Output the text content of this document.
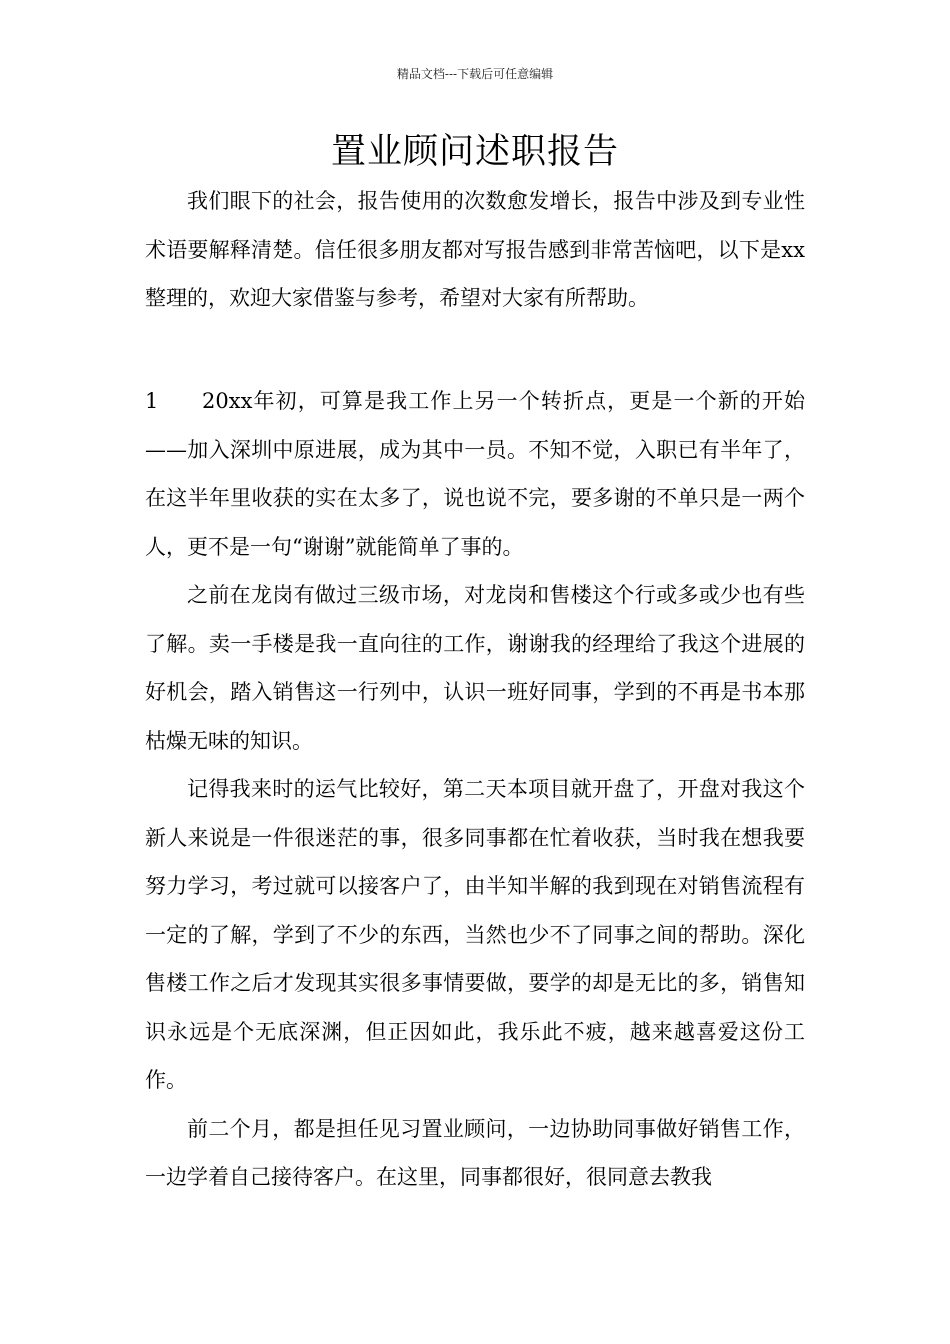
精品文档---下载后可任意编辑
置业顾问述职报告

我们眼下的社会，报告使用的次数愈发增长，报告中涉及到专业性术语要解释清楚。信任很多朋友都对写报告感到非常苦恼吧，以下是xx整理的，欢迎大家借鉴与参考，希望对大家有所帮助。

1 20xx年初，可算是我工作上另一个转折点，更是一个新的开始——加入深圳中原进展，成为其中一员。不知不觉，入职已有半年了，在这半年里收获的实在太多了，说也说不完，要多谢的不单只是一两个人，更不是一句“谢谢”就能简单了事的。

之前在龙岗有做过三级市场，对龙岗和售楼这个行或多或少也有些了解。卖一手楼是我一直向往的工作，谢谢我的经理给了我这个进展的好机会，踏入销售这一行列中，认识一班好同事，学到的不再是书本那枯燥无味的知识。

记得我来时的运气比较好，第二天本项目就开盘了，开盘对我这个新人来说是一件很迷茫的事，很多同事都在忙着收获，当时我在想我要努力学习，考过就可以接客户了，由半知半解的我到现在对销售流程有一定的了解，学到了不少的东西，当然也少不了同事之间的帮助。深化售楼工作之后才发现其实很多事情要做，要学的却是无比的多，销售知识永远是个无底深渊，但正因如此，我乐此不疲，越来越喜爱这份工作。

前二个月，都是担任见习置业顾问，一边协助同事做好销售工作，一边学着自己接待客户。在这里，同事都很好，很同意去教我
